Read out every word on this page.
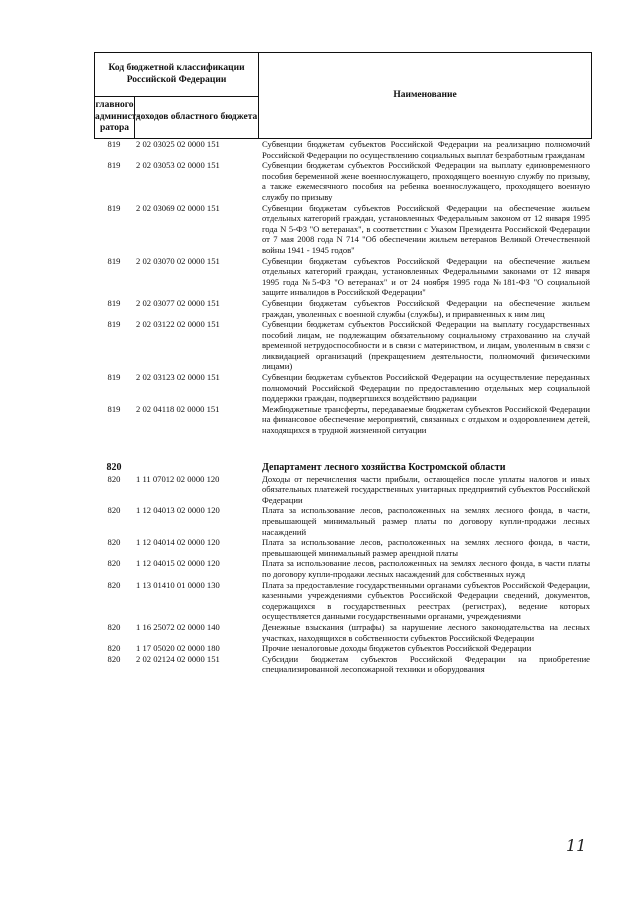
Код бюджетной классификации Российской Федерации		Наименование
главного админист-ратора	доходов областного бюджета	
819	2 02 03025 02 0000 151	Субвенции бюджетам субъектов Российской Федерации на реализацию полномочий Российской Федерации по осуществлению социальных выплат безработным гражданам
819	2 02 03053 02 0000 151	Субвенции бюджетам субъектов Российской Федерации на выплату единовременного пособия беременной жене военнослужащего, проходящего военную службу по призыву, а также ежемесячного пособия на ребенка военнослужащего, проходящего военную службу по призыву
819	2 02 03069 02 0000 151	Субвенции бюджетам субъектов Российской Федерации на обеспечение жильем отдельных категорий граждан, установленных Федеральным законом от 12 января 1995 года N 5-ФЗ "О ветеранах", в соответствии с Указом Президента Российской Федерации от 7 мая 2008 года N 714 "Об обеспечении жильем ветеранов Великой Отечественной войны 1941 - 1945 годов"
819	2 02 03070 02 0000 151	Субвенции бюджетам субъектов Российской Федерации на обеспечение жильем отдельных категорий граждан, установленных Федеральными законами от 12 января 1995 года №5-ФЗ "О ветеранах" и от 24 ноября 1995 года №181-ФЗ "О социальной защите инвалидов в Российской Федерации"
819	2 02 03077 02 0000 151	Субвенции бюджетам субъектов Российской Федерации на обеспечение жильем граждан, уволенных с военной службы (службы), и приравненных к ним лиц
819	2 02 03122 02 0000 151	Субвенции бюджетам субъектов Российской Федерации на выплату государственных пособий лицам, не подлежащим обязательному социальному страхованию на случай временной нетрудоспособности и в связи с материнством, и лицам, уволенным в связи с ликвидацией организаций (прекращением деятельности, полномочий физическими лицами)
819	2 02 03123 02 0000 151	Субвенции бюджетам субъектов Российской Федерации на осуществление переданных полномочий Российской Федерации по предоставлению отдельных мер социальной поддержки граждан, подвергшихся воздействию радиации
819	2 02 04118 02 0000 151	Межбюджетные трансферты, передаваемые бюджетам субъектов Российской Федерации на финансовое обеспечение мероприятий, связанных с отдыхом и оздоровлением детей, находящихся в трудной жизненной ситуации
820	Департамент лесного хозяйства Костромской области
820	1 11 07012 02 0000 120	Доходы от перечисления части прибыли, остающейся после уплаты налогов и иных обязательных платежей государственных унитарных предприятий субъектов Российской Федерации
820	1 12 04013 02 0000 120	Плата за использование лесов, расположенных на землях лесного фонда, в части, превышающей минимальный размер платы по договору купли-продажи лесных насаждений
820	1 12 04014 02 0000 120	Плата за использование лесов, расположенных на землях лесного фонда, в части, превышающей минимальный размер арендной платы
820	1 12 04015 02 0000 120	Плата за использование лесов, расположенных на землях лесного фонда, в части платы по договору купли-продажи лесных насаждений для собственных нужд
820	1 13 01410 01 0000 130	Плата за предоставление государственными органами субъектов Российской Федерации, казенными учреждениями субъектов Российской Федерации сведений, документов, содержащихся в государственных реестрах (регистрах), ведение которых осуществляется данными государственными органами, учреждениями
820	1 16 25072 02 0000 140	Денежные взыскания (штрафы) за нарушение лесного законодательства на лесных участках, находящихся в собственности субъектов Российской Федерации
820	1 17 05020 02 0000 180	Прочие неналоговые доходы бюджетов субъектов Российской Федерации
820	2 02 02124 02 0000 151	Субсидии бюджетам субъектов Российской Федерации на приобретение специализированной лесопожарной техники и оборудования
11
